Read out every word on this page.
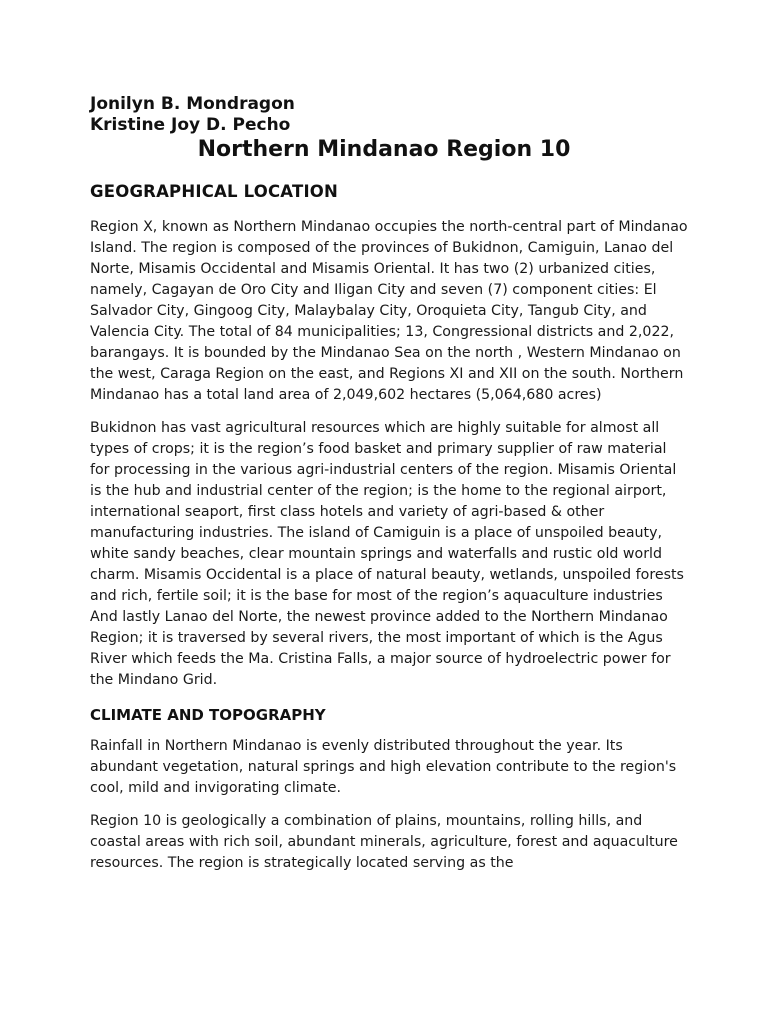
Jonilyn B. Mondragon

Kristine Joy D. Pecho

Northern Mindanao Region 10
GEOGRAPHICAL LOCATION

Region X, known as Northern Mindanao occupies the north-central part of Mindanao Island. The region is composed of the provinces of Bukidnon, Camiguin, Lanao del Norte, Misamis Occidental and Misamis Oriental. It has two (2) urbanized cities, namely, Cagayan de Oro City and Iligan City and seven (7) component cities: El Salvador City, Gingoog City, Malaybalay City, Oroquieta City, Tangub City, and Valencia City. The total of 84 municipalities; 13, Congressional districts and 2,022, barangays. It is bounded by the Mindanao Sea on the north , Western Mindanao on the west, Caraga Region on the east, and Regions XI and XII on the south. Northern Mindanao has a total land area of 2,049,602 hectares (5,064,680 acres)

Bukidnon has vast agricultural resources which are highly suitable for almost all types of crops; it is the region’s food basket and primary supplier of raw material for processing in the various agri-industrial centers of the region. Misamis Oriental is the hub and industrial center of the region; is the home to the regional airport, international seaport, first class hotels and variety of agri-based & other manufacturing industries. The island of Camiguin is a place of unspoiled beauty, white sandy beaches, clear mountain springs and waterfalls and rustic old world charm. Misamis Occidental is a place of natural beauty, wetlands, unspoiled forests and rich, fertile soil; it is the base for most of the region’s aquaculture industries And lastly Lanao del Norte, the newest province added to the Northern Mindanao Region; it is traversed by several rivers, the most important of which is the Agus River which feeds the Ma. Cristina Falls, a major source of hydroelectric power for the Mindano Grid.

CLIMATE AND TOPOGRAPHY

Rainfall in Northern Mindanao is evenly distributed throughout the year. Its abundant vegetation, natural springs and high elevation contribute to the region's cool, mild and invigorating climate.

Region 10 is geologically a combination of plains, mountains, rolling hills, and coastal areas with rich soil, abundant minerals, agriculture, forest and aquaculture resources. The region is strategically located serving as the
